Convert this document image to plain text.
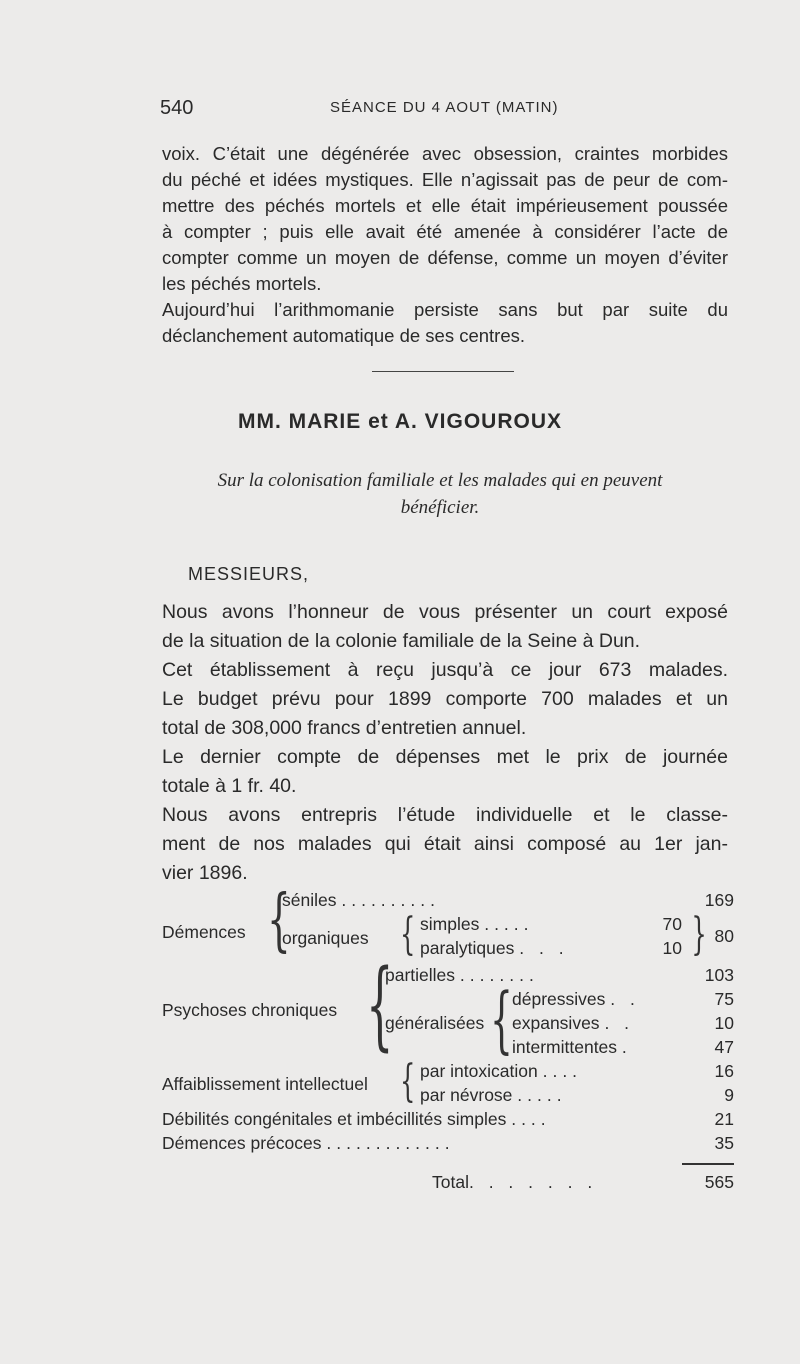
540	SÉANCE DU 4 AOUT (MATIN)
voix. C’était une dégénérée avec obsession, craintes morbides
du péché et idées mystiques. Elle n’agissait pas de peur de com-
mettre des péchés mortels et elle était impérieusement poussée
à compter ; puis elle avait été amenée à considérer l’acte de
compter comme un moyen de défense, comme un moyen d’éviter
les péchés mortels.
Aujourd’hui l’arithmomanie persiste sans but par suite du
déclanchement automatique de ses centres.
MM. MARIE et A. VIGOUROUX
Sur la colonisation familiale et les malades qui en peuvent
bénéficier.
MESSIEURS,
Nous avons l’honneur de vous présenter un court exposé
de la situation de la colonie familiale de la Seine à Dun.
Cet établissement à reçu jusqu’à ce jour 673 malades.
Le budget prévu pour 1899 comporte 700 malades et un
total de 308,000 francs d’entretien annuel.
Le dernier compte de dépenses met le prix de journée
totale à 1 fr. 40.
Nous avons entrepris l’étude individuelle et le classe-
ment de nos malades qui était ainsi composé au 1er jan-
vier 1896.
Démences {
séniles ..........	169
organiques { simples .....	70
paralytiques . . .	10 { 80
Psychoses chroniques {
partielles ........	103
généralisées { dépressives . .	75
expansives . .	10
intermittentes .	47
Affaiblissement intellectuel { par intoxication ....	16
par névrose .....	9
Débilités congénitales et imbécillités simples ....	21
Démences précoces .............	35
Total. . . . . . .	565
